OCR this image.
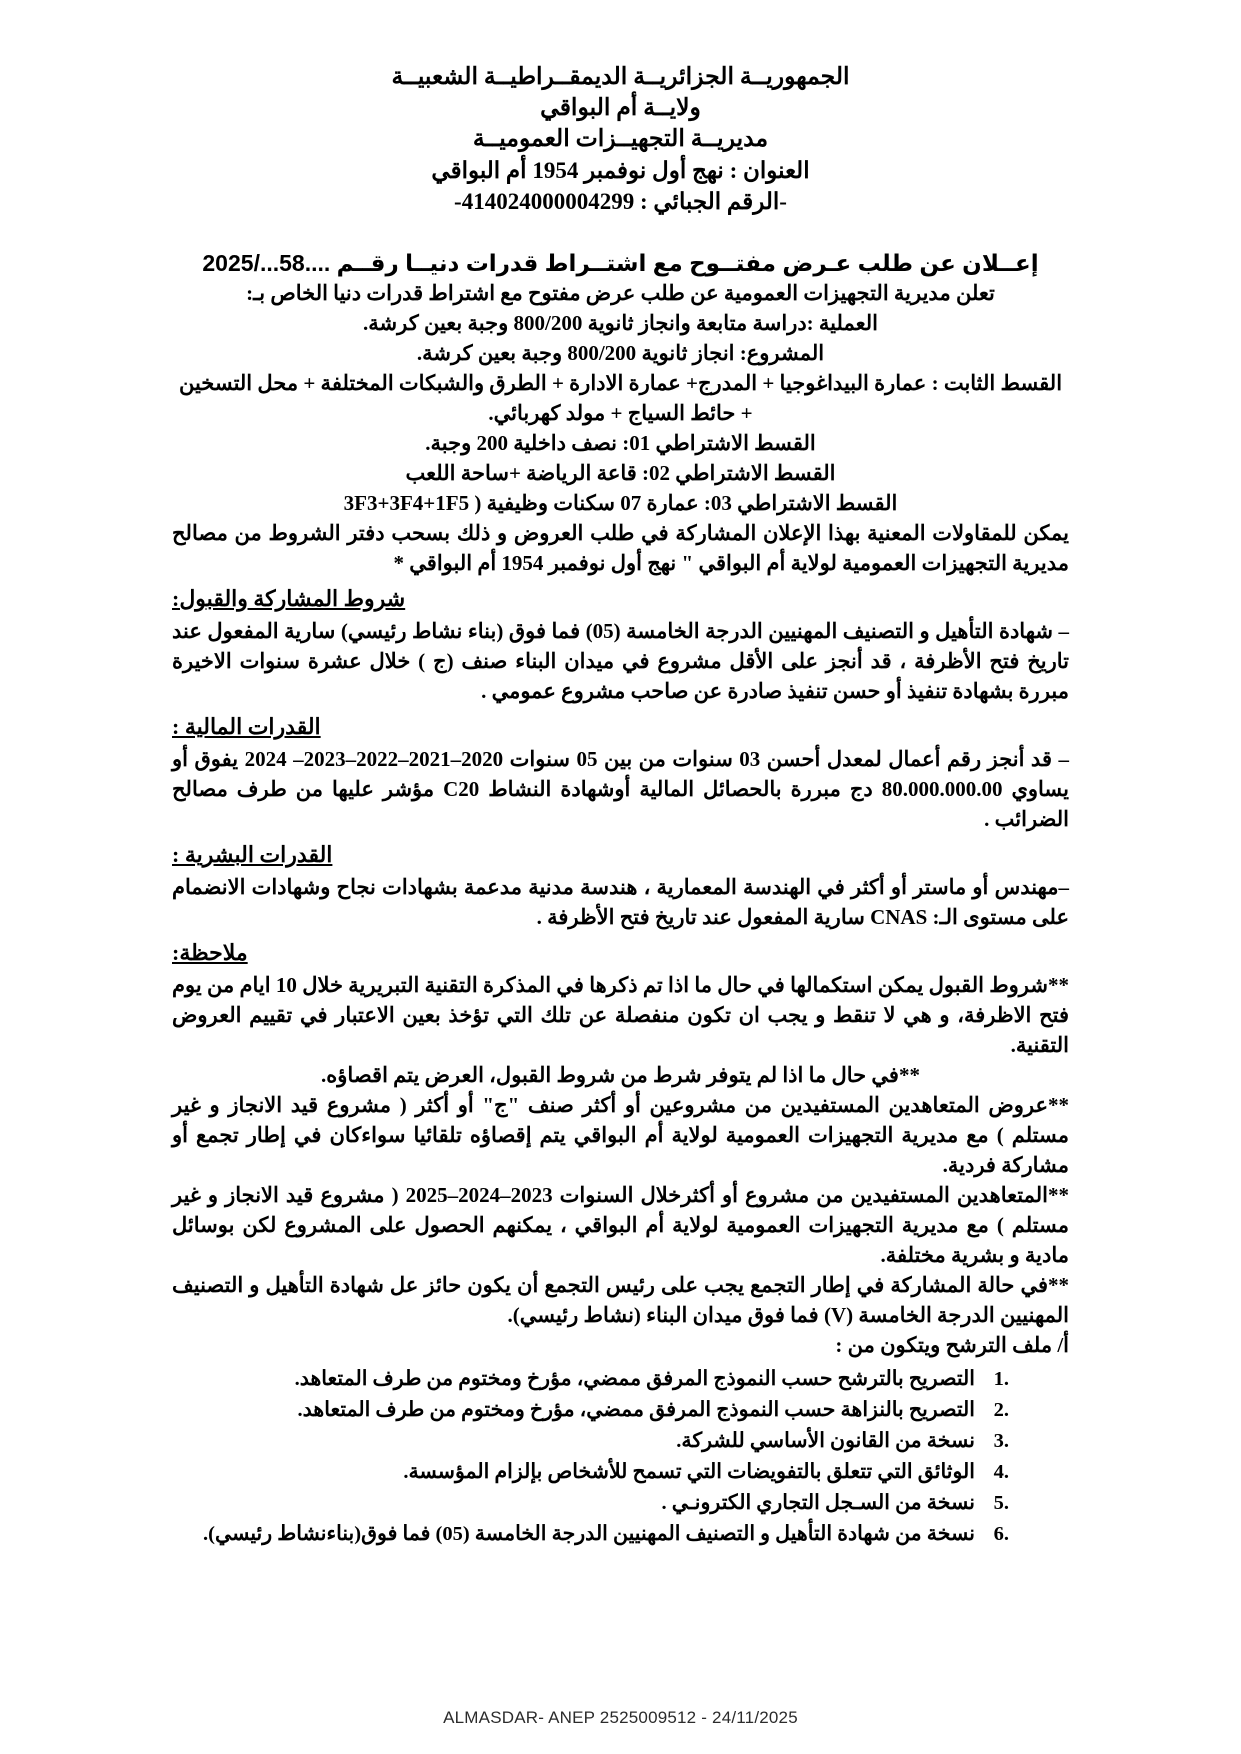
الجمهوريــة الجزائريــة الديمقــراطيــة الشعبيــة
ولايــة أم البواقي
مديريــة التجهيــزات العموميــة
العنوان : نهج أول نوفمبر 1954 أم البواقي
-الرقم الجبائي : 414024000004299-
إعــلان عن طلب عـرض مفتــوح مع اشتــراط قدرات دنيــا رقــم ....58.../2025

تعلن مديرية التجهيزات العمومية عن طلب عرض مفتوح مع اشتراط قدرات دنيا الخاص بـ:

العملية :دراسة متابعة وانجاز ثانوية 800/200 وجبة بعين كرشة.

المشروع: انجاز ثانوية 800/200 وجبة بعين كرشة.

القسط الثابت : عمارة البيداغوجيا + المدرج+ عمارة الادارة + الطرق والشبكات المختلفة + محل التسخين + حائط السياج + مولد كهربائي.

القسط الاشتراطي 01: نصف داخلية 200 وجبة.

القسط الاشتراطي 02: قاعة الرياضة +ساحة اللعب

القسط الاشتراطي 03: عمارة 07 سكنات وظيفية ( 3F3+3F4+1F5

يمكن للمقاولات المعنية بهذا الإعلان المشاركة في طلب العروض و ذلك بسحب دفتر الشروط من مصالح مديرية التجهيزات العمومية لولاية أم البواقي " نهج أول نوفمبر 1954 أم البواقي *

شروط المشاركة والقبول:

– شهادة التأهيل و التصنيف المهنيين الدرجة الخامسة (05) فما فوق (بناء نشاط رئيسي) سارية المفعول عند تاريخ فتح الأظرفة ، قد أنجز على الأقل مشروع في ميدان البناء صنف (ج ) خلال عشرة سنوات الاخيرة مبررة بشهادة تنفيذ أو حسن تنفيذ صادرة عن صاحب مشروع عمومي .

القدرات المالية :

– قد أنجز رقم أعمال لمعدل أحسن 03 سنوات من بين 05 سنوات 2020–2021–2022–2023– 2024 يفوق أو يساوي 80.000.000.00 دج مبررة بالحصائل المالية أوشهادة النشاط C20 مؤشر عليها من طرف مصالح الضرائب .

القدرات البشرية :

–مهندس أو ماستر أو أكثر في الهندسة المعمارية ، هندسة مدنية مدعمة بشهادات نجاح وشهادات الانضمام على مستوى الـ: CNAS سارية المفعول عند تاريخ فتح الأظرفة .

ملاحظة:

**شروط القبول يمكن استكمالها في حال ما اذا تم ذكرها في المذكرة التقنية التبريرية خلال 10 ايام من يوم فتح الاظرفة، و هي لا تنقط و يجب ان تكون منفصلة عن تلك التي تؤخذ بعين الاعتبار في تقييم العروض التقنية.

**في حال ما اذا لم يتوفر شرط من شروط القبول، العرض يتم اقصاؤه.

**عروض المتعاهدين المستفيدين من مشروعين أو أكثر صنف "ج" أو أكثر ( مشروع قيد الانجاز و غير مستلم ) مع مديرية التجهيزات العمومية لولاية أم البواقي يتم إقصاؤه تلقائيا سواءكان في إطار تجمع أو مشاركة فردية.

**المتعاهدين المستفيدين من مشروع أو أكثرخلال السنوات 2023–2024–2025 ( مشروع قيد الانجاز و غير مستلم ) مع مديرية التجهيزات العمومية لولاية أم البواقي ، يمكنهم الحصول على المشروع لكن بوسائل مادية و بشرية مختلفة.

**في حالة المشاركة في إطار التجمع يجب على رئيس التجمع أن يكون حائز عل شهادة التأهيل و التصنيف المهنيين الدرجة الخامسة (V) فما فوق ميدان البناء (نشاط رئيسي).

أ/ ملف الترشح ويتكون من :

التصريح بالترشح حسب النموذج المرفق ممضي، مؤرخ ومختوم من طرف المتعاهد.
التصريح بالنزاهة حسب النموذج المرفق ممضي، مؤرخ ومختوم من طرف المتعاهد.
نسخة من القانون الأساسي للشركة.
الوثائق التي تتعلق بالتفويضات التي تسمح للأشخاص بإلزام المؤسسة.
نسخة من السـجل التجاري الكترونـي .
نسخة من شهادة التأهيل و التصنيف المهنيين الدرجة الخامسة (05) فما فوق(بناءنشاط رئيسي).
ALMASDAR- ANEP 2525009512 - 24/11/2025
